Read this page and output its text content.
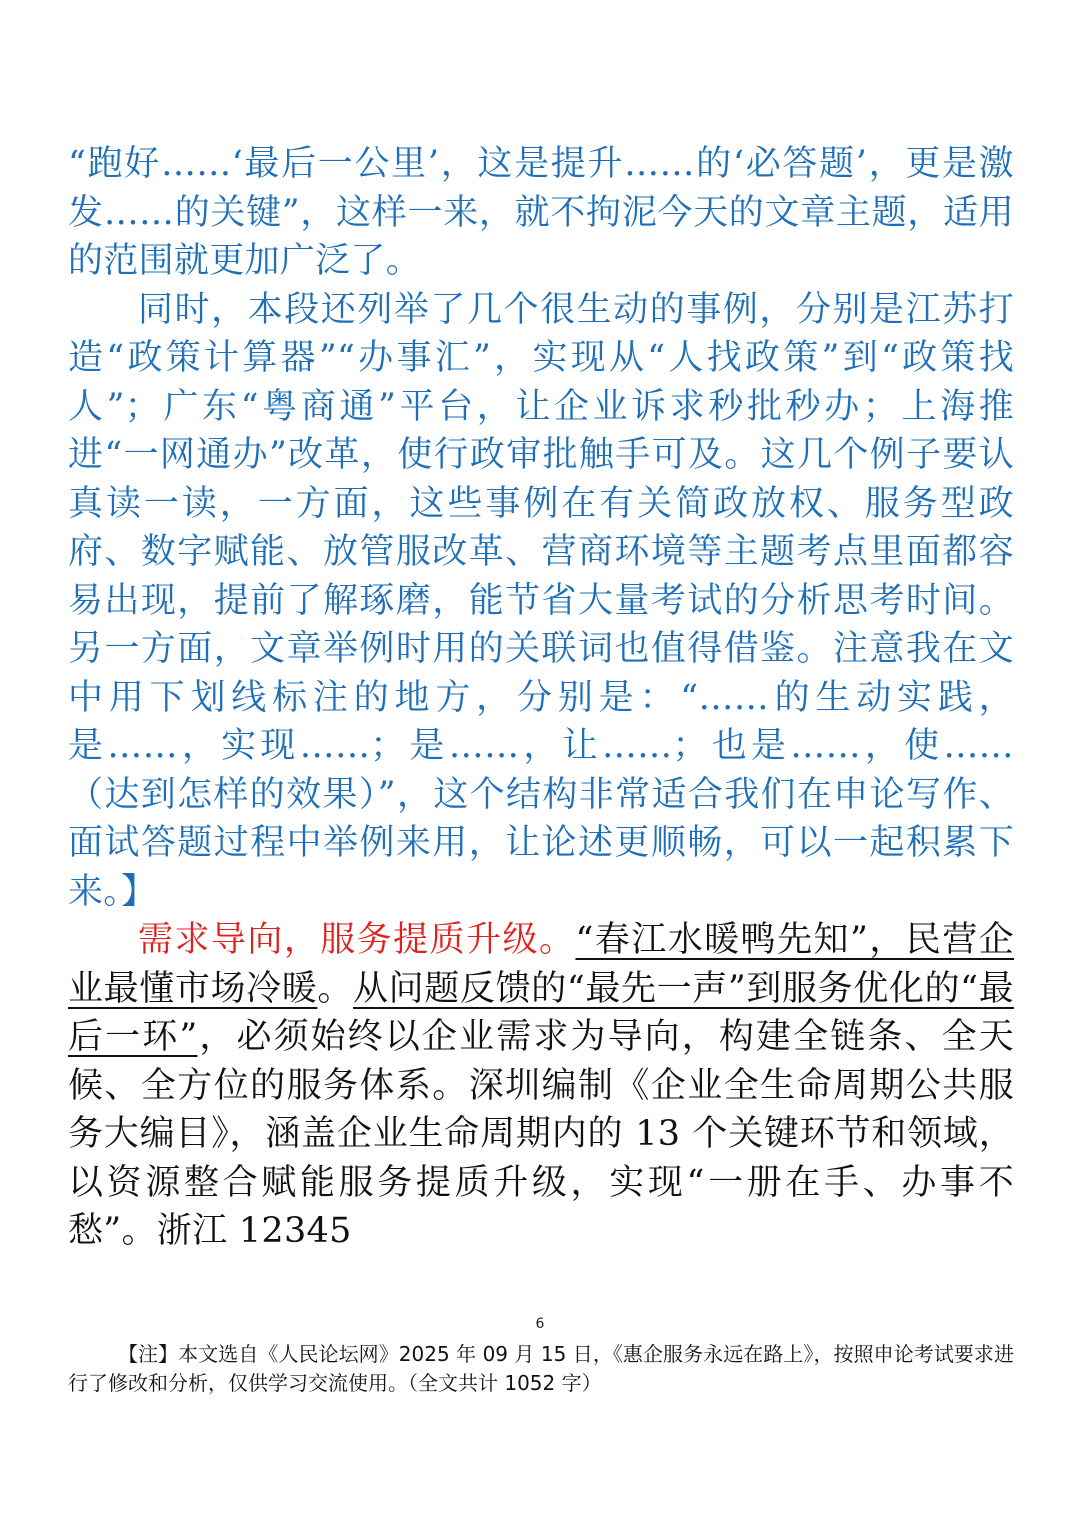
“跑好……‘最后一公里’，这是提升……的‘必答题’，更是激发……的关键”，这样一来，就不拘泥今天的文章主题，适用的范围就更加广泛了。

同时，本段还列举了几个很生动的事例，分别是江苏打造“政策计算器”“办事汇”，实现从“人找政策”到“政策找人”；广东“粤商通”平台，让企业诉求秒批秒办；上海推进“一网通办”改革，使行政审批触手可及。这几个例子要认真读一读，一方面，这些事例在有关简政放权、服务型政府、数字赋能、放管服改革、营商环境等主题考点里面都容易出现，提前了解琢磨，能节省大量考试的分析思考时间。另一方面，文章举例时用的关联词也值得借鉴。注意我在文中用下划线标注的地方，分别是：“……的生动实践，是……，实现……；是……，让……；也是……，使……（达到怎样的效果）”，这个结构非常适合我们在申论写作、面试答题过程中举例来用，让论述更顺畅，可以一起积累下来。】

需求导向，服务提质升级。“春江水暖鸭先知”，民营企业最懂市场冷暖。从问题反馈的“最先一声”到服务优化的“最后一环”，必须始终以企业需求为导向，构建全链条、全天候、全方位的服务体系。深圳编制《企业全生命周期公共服务大编目》，涵盖企业生命周期内的 13 个关键环节和领域，以资源整合赋能服务提质升级，实现“一册在手、办事不愁”。浙江 12345

6

【注】本文选自《人民论坛网》2025 年 09 月 15 日，《惠企服务永远在路上》，按照申论考试要求进行了修改和分析，仅供学习交流使用。（全文共计 1052 字）
